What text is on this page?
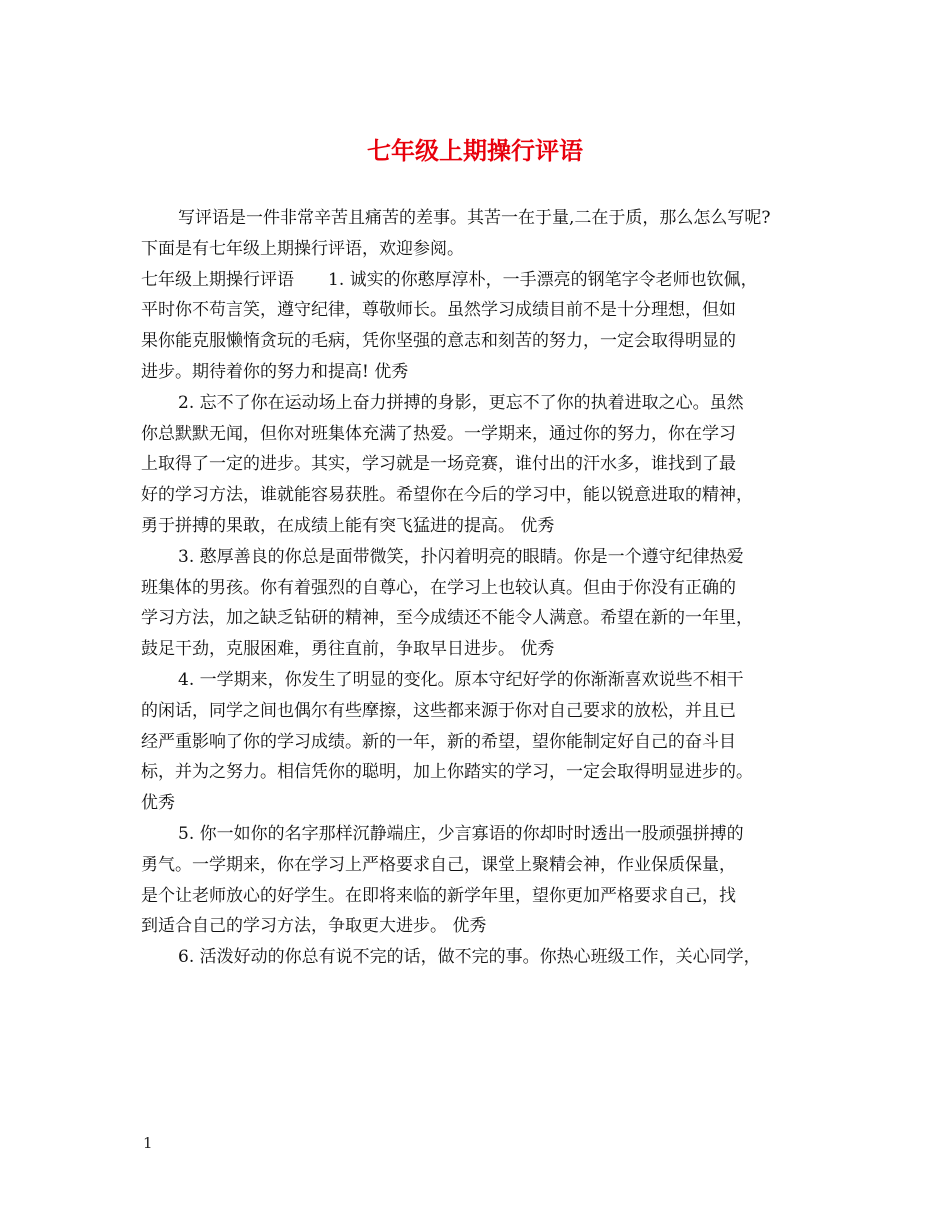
七年级上期操行评语
写评语是一件非常辛苦且痛苦的差事。其苦一在于量,二在于质，那么怎么写呢?
下面是有七年级上期操行评语，欢迎参阅。
七年级上期操行评语 1. 诚实的你憨厚淳朴，一手漂亮的钢笔字令老师也钦佩，
平时你不苟言笑，遵守纪律，尊敬师长。虽然学习成绩目前不是十分理想，但如
果你能克服懒惰贪玩的毛病，凭你坚强的意志和刻苦的努力，一定会取得明显的
进步。期待着你的努力和提高! 优秀
2. 忘不了你在运动场上奋力拼搏的身影，更忘不了你的执着进取之心。虽然
你总默默无闻，但你对班集体充满了热爱。一学期来，通过你的努力，你在学习
上取得了一定的进步。其实，学习就是一场竞赛，谁付出的汗水多，谁找到了最
好的学习方法，谁就能容易获胜。希望你在今后的学习中，能以锐意进取的精神，
勇于拼搏的果敢，在成绩上能有突飞猛进的提高。 优秀
3. 憨厚善良的你总是面带微笑，扑闪着明亮的眼睛。你是一个遵守纪律热爱
班集体的男孩。你有着强烈的自尊心，在学习上也较认真。但由于你没有正确的
学习方法，加之缺乏钻研的精神，至今成绩还不能令人满意。希望在新的一年里，
鼓足干劲，克服困难，勇往直前，争取早日进步。 优秀
4. 一学期来，你发生了明显的变化。原本守纪好学的你渐渐喜欢说些不相干
的闲话，同学之间也偶尔有些摩擦，这些都来源于你对自己要求的放松，并且已
经严重影响了你的学习成绩。新的一年，新的希望，望你能制定好自己的奋斗目
标，并为之努力。相信凭你的聪明，加上你踏实的学习，一定会取得明显进步的。
优秀
5. 你一如你的名字那样沉静端庄，少言寡语的你却时时透出一股顽强拼搏的
勇气。一学期来，你在学习上严格要求自己，课堂上聚精会神，作业保质保量，
是个让老师放心的好学生。在即将来临的新学年里，望你更加严格要求自己，找
到适合自己的学习方法，争取更大进步。 优秀
6. 活泼好动的你总有说不完的话，做不完的事。你热心班级工作，关心同学，
1
